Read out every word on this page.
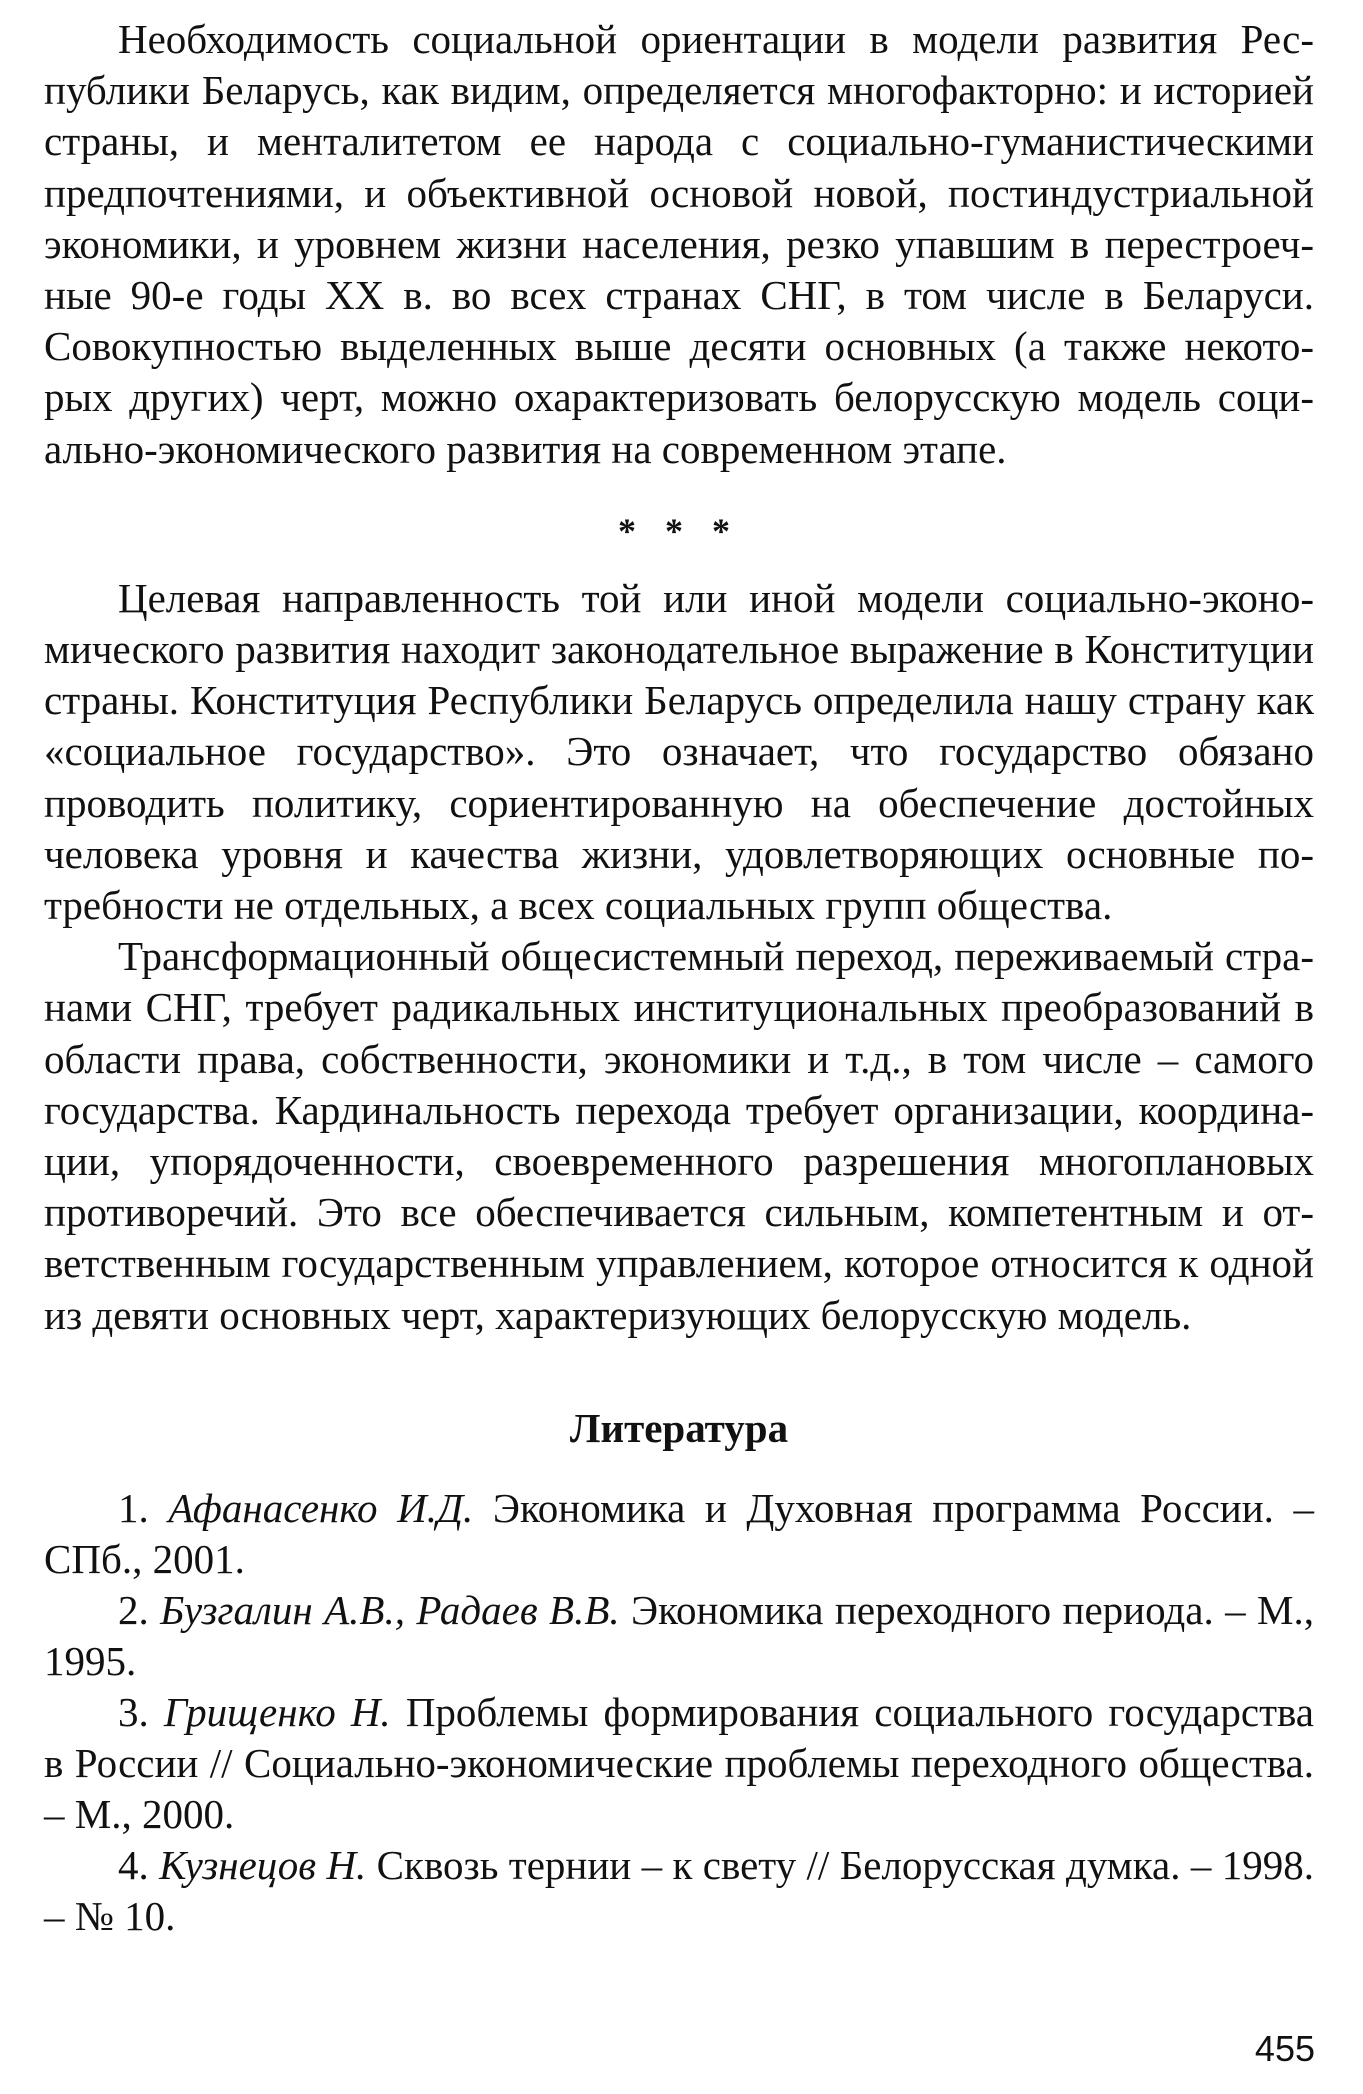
Необходимость социальной ориентации в модели развития Республики Беларусь, как видим, определяется многофакторно: и историей страны, и менталитетом ее народа с социально-гуманистическими предпочтениями, и объективной основой новой, постиндустриальной экономики, и уровнем жизни населения, резко упавшим в перестроечные 90-е годы XX в. во всех странах СНГ, в том числе в Беларуси. Совокупностью выделенных выше десяти основных (а также некоторых других) черт, можно охарактеризовать белорусскую модель социально-экономического развития на современном этапе.

* * *

Целевая направленность той или иной модели социально-экономического развития находит законодательное выражение в Конституции страны. Конституция Республики Беларусь определила нашу страну как «социальное государство». Это означает, что государство обязано проводить политику, сориентированную на обеспечение достойных человека уровня и качества жизни, удовлетворяющих основные потребности не отдельных, а всех социальных групп общества.

Трансформационный общесистемный переход, переживаемый странами СНГ, требует радикальных институциональных преобразований в области права, собственности, экономики и т.д., в том числе – самого государства. Кардинальность перехода требует организации, координации, упорядоченности, своевременного разрешения многоплановых противоречий. Это все обеспечивается сильным, компетентным и ответственным государственным управлением, которое относится к одной из девяти основных черт, характеризующих белорусскую модель.

Литература

1. Афанасенко И.Д. Экономика и Духовная программа России. – СПб., 2001.

2. Бузгалин А.В., Радаев В.В. Экономика переходного периода. – М., 1995.

3. Грищенко Н. Проблемы формирования социального государства в России // Социально-экономические проблемы переходного общества. – М., 2000.

4. Кузнецов Н. Сквозь тернии – к свету // Белорусская думка. – 1998. – № 10.

455
